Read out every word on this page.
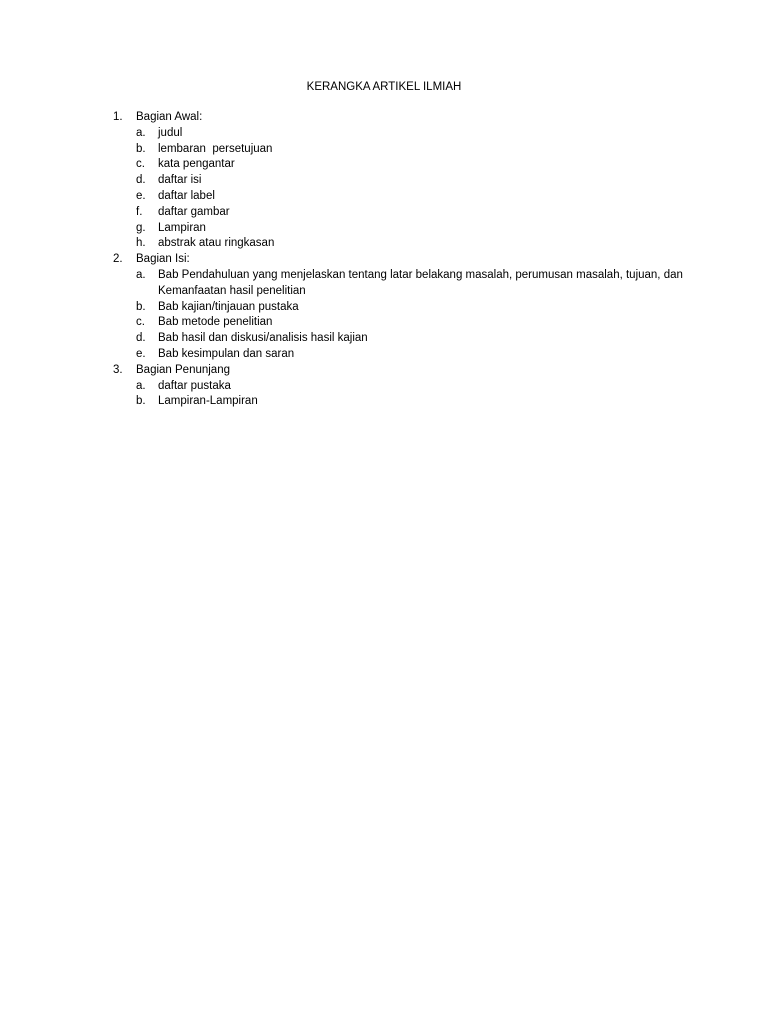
KERANGKA ARTIKEL ILMIAH
1. Bagian Awal:
a. judul
b. lembaran  persetujuan
c. kata pengantar
d. daftar isi
e. daftar label
f. daftar gambar
g. Lampiran
h. abstrak atau ringkasan
2. Bagian Isi:
a. Bab Pendahuluan yang menjelaskan tentang latar belakang masalah, perumusan masalah, tujuan, dan Kemanfaatan hasil penelitian
b. Bab kajian/tinjauan pustaka
c. Bab metode penelitian
d. Bab hasil dan diskusi/analisis hasil kajian
e. Bab kesimpulan dan saran
3. Bagian Penunjang
a. daftar pustaka
b. Lampiran-Lampiran
